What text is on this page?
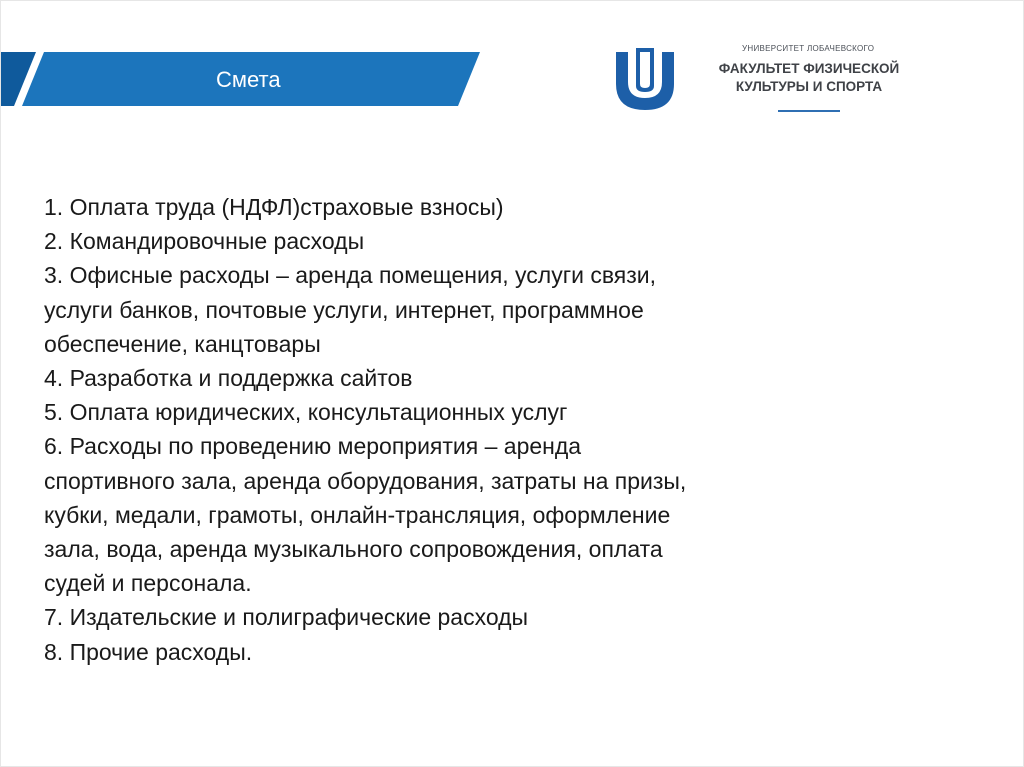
Смета
УНИВЕРСИТЕТ ЛОБАЧЕВСКОГО
ФАКУЛЬТЕТ ФИЗИЧЕСКОЙ
КУЛЬТУРЫ И СПОРТА

1. Оплата труда (НДФЛ)страховые взносы)

2. Командировочные расходы

3. Офисные расходы – аренда помещения, услуги связи,

услуги банков, почтовые услуги, интернет, программное

обеспечение, канцтовары

4. Разработка и поддержка сайтов

5. Оплата юридических, консультационных услуг

6. Расходы по проведению мероприятия – аренда

спортивного зала, аренда оборудования, затраты на призы,

кубки, медали, грамоты, онлайн-трансляция, оформление

зала, вода, аренда музыкального сопровождения, оплата

судей и персонала.

7. Издательские и полиграфические расходы

8. Прочие расходы.
